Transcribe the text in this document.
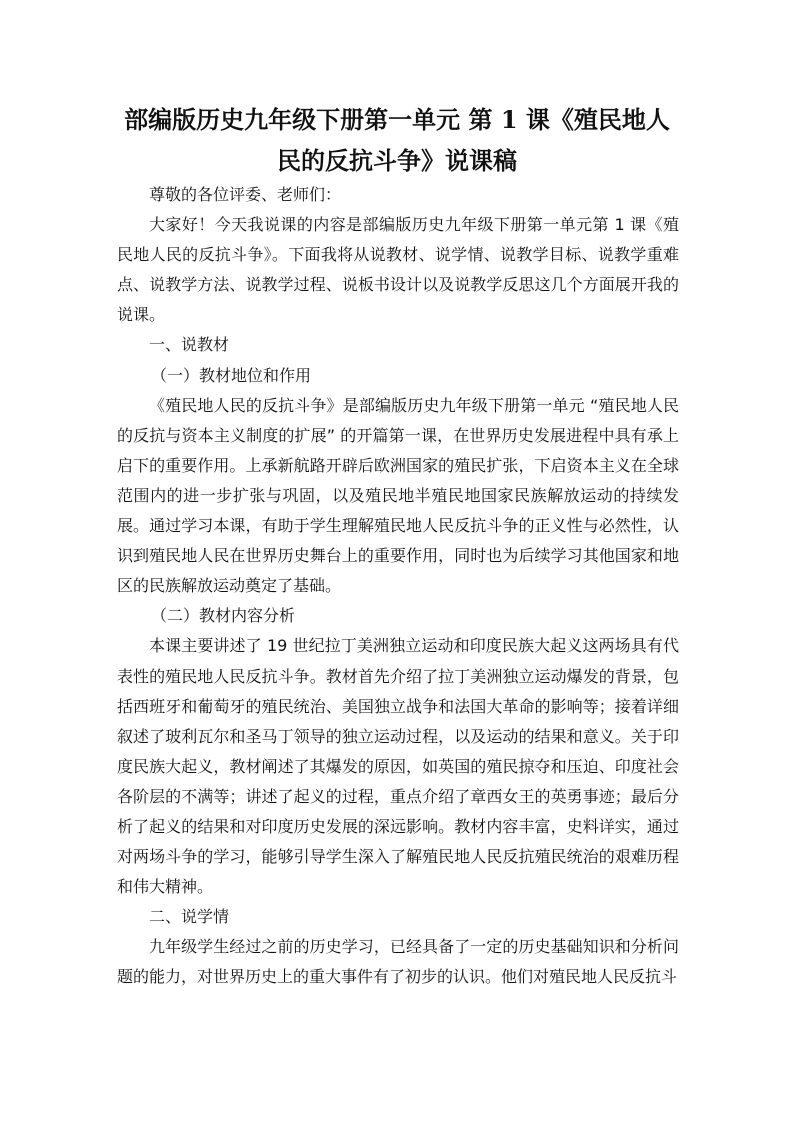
部编版历史九年级下册第一单元 第 1 课《殖民地人
民的反抗斗争》说课稿

尊敬的各位评委、老师们：

大家好！今天我说课的内容是部编版历史九年级下册第一单元第 1 课《殖民地人民的反抗斗争》。下面我将从说教材、说学情、说教学目标、说教学重难点、说教学方法、说教学过程、说板书设计以及说教学反思这几个方面展开我的说课。

一、说教材

（一）教材地位和作用

《殖民地人民的反抗斗争》是部编版历史九年级下册第一单元 “殖民地人民的反抗与资本主义制度的扩展” 的开篇第一课，在世界历史发展进程中具有承上启下的重要作用。上承新航路开辟后欧洲国家的殖民扩张，下启资本主义在全球范围内的进一步扩张与巩固，以及殖民地半殖民地国家民族解放运动的持续发展。通过学习本课，有助于学生理解殖民地人民反抗斗争的正义性与必然性，认识到殖民地人民在世界历史舞台上的重要作用，同时也为后续学习其他国家和地区的民族解放运动奠定了基础。

（二）教材内容分析

本课主要讲述了 19 世纪拉丁美洲独立运动和印度民族大起义这两场具有代表性的殖民地人民反抗斗争。教材首先介绍了拉丁美洲独立运动爆发的背景，包括西班牙和葡萄牙的殖民统治、美国独立战争和法国大革命的影响等；接着详细叙述了玻利瓦尔和圣马丁领导的独立运动过程，以及运动的结果和意义。关于印度民族大起义，教材阐述了其爆发的原因，如英国的殖民掠夺和压迫、印度社会各阶层的不满等；讲述了起义的过程，重点介绍了章西女王的英勇事迹；最后分析了起义的结果和对印度历史发展的深远影响。教材内容丰富，史料详实，通过对两场斗争的学习，能够引导学生深入了解殖民地人民反抗殖民统治的艰难历程和伟大精神。

二、说学情

九年级学生经过之前的历史学习，已经具备了一定的历史基础知识和分析问题的能力，对世界历史上的重大事件有了初步的认识。他们对殖民地人民反抗斗
